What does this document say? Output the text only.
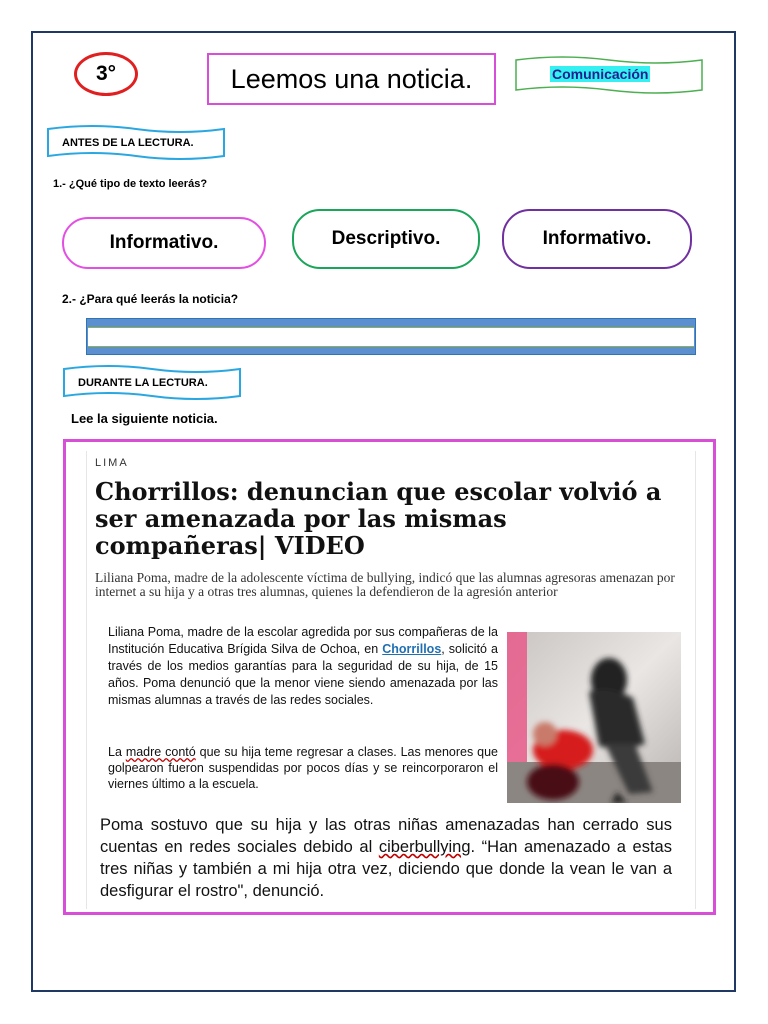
3°	Leemos una noticia.	Comunicación
ANTES DE LA LECTURA.
1.- ¿Qué tipo de texto leerás?
Informativo.	Descriptivo.	Informativo.
2.- ¿Para qué leerás la noticia?
DURANTE LA LECTURA.
Lee la siguiente noticia.
LIMA
Chorrillos: denuncian que escolar volvió a ser amenazada por las mismas compañeras| VIDEO

Liliana Poma, madre de la adolescente víctima de bullying, indicó que las alumnas agresoras amenazan por internet a su hija y a otras tres alumnas, quienes la defendieron de la agresión anterior

Liliana Poma, madre de la escolar agredida por sus compañeras de la Institución Educativa Brígida Silva de Ochoa, en Chorrillos, solicitó a través de los medios garantías para la seguridad de su hija, de 15 años. Poma denunció que la menor viene siendo amenazada por las mismas alumnas a través de las redes sociales.

La madre contó que su hija teme regresar a clases. Las menores que golpearon fueron suspendidas por pocos días y se reincorporaron el viernes último a la escuela.

Poma sostuvo que su hija y las otras niñas amenazadas han cerrado sus cuentas en redes sociales debido al ciberbullying. “Han amenazado a estas tres niñas y también a mi hija otra vez, diciendo que donde la vean le van a desfigurar el rostro", denunció.
